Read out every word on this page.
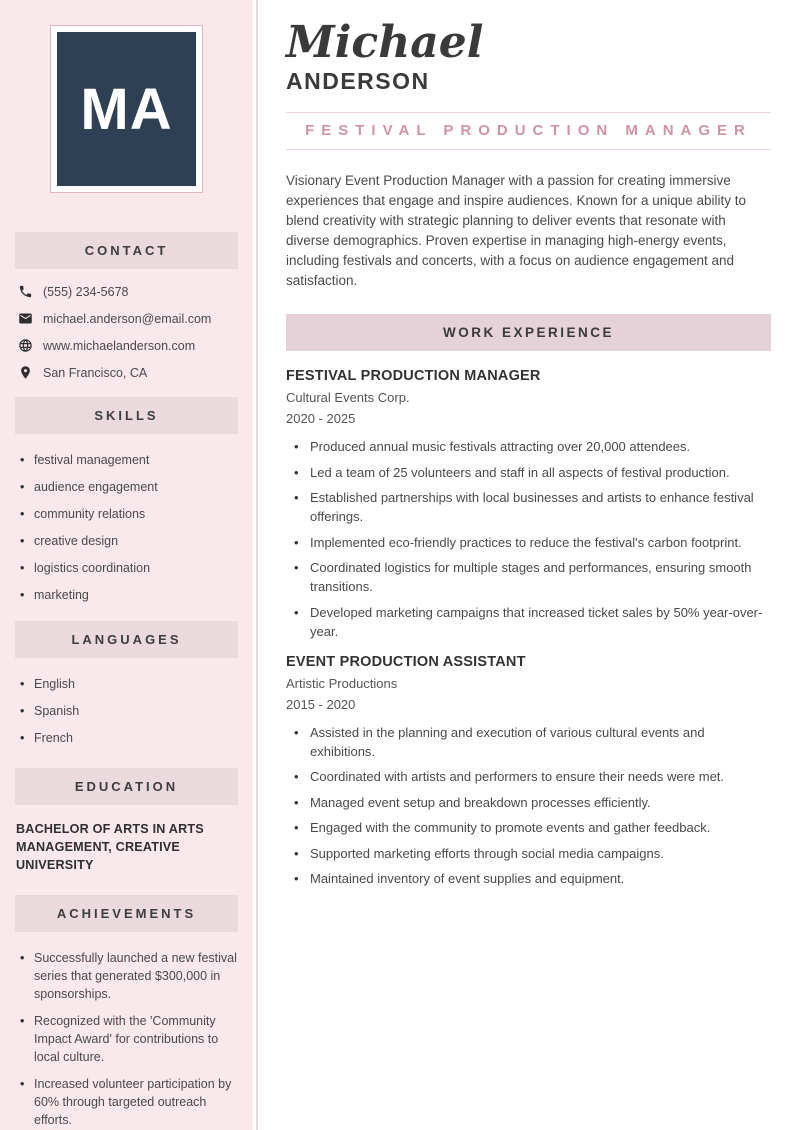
MA
CONTACT
(555) 234-5678
michael.anderson@email.com
www.michaelanderson.com
San Francisco, CA
SKILLS
• festival management
• audience engagement
• community relations
• creative design
• logistics coordination
• marketing
LANGUAGES
• English
• Spanish
• French
EDUCATION
BACHELOR OF ARTS IN ARTS MANAGEMENT, CREATIVE UNIVERSITY
ACHIEVEMENTS
• Successfully launched a new festival series that generated $300,000 in sponsorships.
• Recognized with the 'Community Impact Award' for contributions to local culture.
• Increased volunteer participation by 60% through targeted outreach efforts.
Michael
ANDERSON
FESTIVAL PRODUCTION MANAGER

Visionary Event Production Manager with a passion for creating immersive experiences that engage and inspire audiences. Known for a unique ability to blend creativity with strategic planning to deliver events that resonate with diverse demographics. Proven expertise in managing high-energy events, including festivals and concerts, with a focus on audience engagement and satisfaction.

WORK EXPERIENCE
FESTIVAL PRODUCTION MANAGER
Cultural Events Corp.
2020 - 2025
• Produced annual music festivals attracting over 20,000 attendees.
• Led a team of 25 volunteers and staff in all aspects of festival production.
• Established partnerships with local businesses and artists to enhance festival offerings.
• Implemented eco-friendly practices to reduce the festival's carbon footprint.
• Coordinated logistics for multiple stages and performances, ensuring smooth transitions.
• Developed marketing campaigns that increased ticket sales by 50% year-over-year.
EVENT PRODUCTION ASSISTANT
Artistic Productions
2015 - 2020
• Assisted in the planning and execution of various cultural events and exhibitions.
• Coordinated with artists and performers to ensure their needs were met.
• Managed event setup and breakdown processes efficiently.
• Engaged with the community to promote events and gather feedback.
• Supported marketing efforts through social media campaigns.
• Maintained inventory of event supplies and equipment.
